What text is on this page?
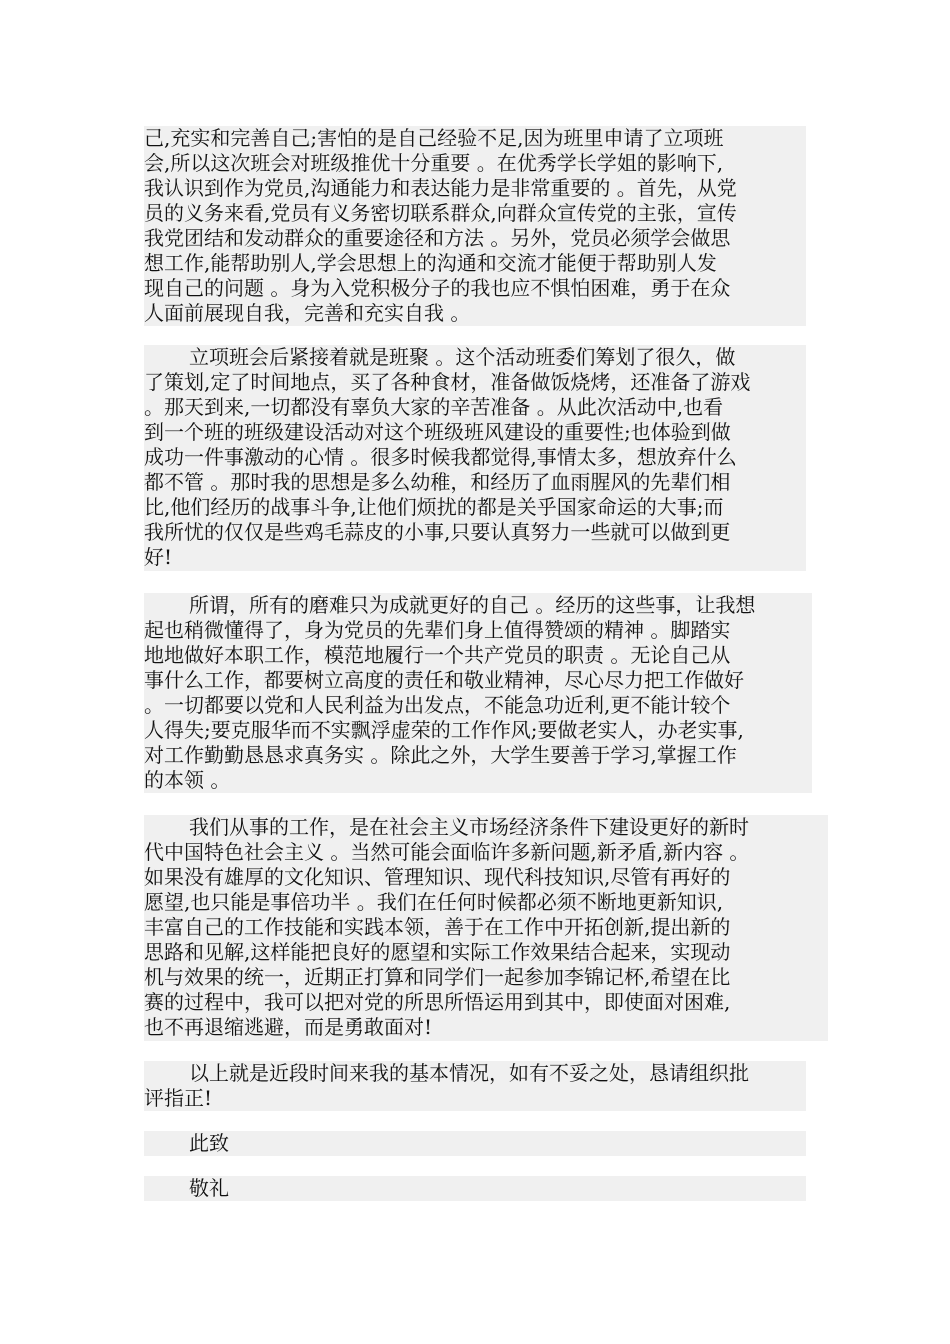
己,充实和完善自己;害怕的是自己经验不足,因为班里申请了立项班
会,所以这次班会对班级推优十分重要 。在优秀学长学姐的影响下,
我认识到作为党员,沟通能力和表达能力是非常重要的 。首先，从党
员的义务来看,党员有义务密切联系群众,向群众宣传党的主张，宣传
我党团结和发动群众的重要途径和方法 。另外，党员必须学会做思
想工作,能帮助别人,学会思想上的沟通和交流才能便于帮助别人发
现自己的问题 。身为入党积极分子的我也应不惧怕困难，勇于在众
人面前展现自我，完善和充实自我 。
立项班会后紧接着就是班聚 。这个活动班委们筹划了很久，做
了策划,定了时间地点，买了各种食材，准备做饭烧烤，还准备了游戏
。那天到来,一切都没有辜负大家的辛苦准备 。从此次活动中,也看
到一个班的班级建设活动对这个班级班风建设的重要性;也体验到做
成功一件事激动的心情 。很多时候我都觉得,事情太多，想放弃什么
都不管 。那时我的思想是多么幼稚，和经历了血雨腥风的先辈们相
比,他们经历的战事斗争,让他们烦扰的都是关乎国家命运的大事;而
我所忧的仅仅是些鸡毛蒜皮的小事,只要认真努力一些就可以做到更
好!
所谓，所有的磨难只为成就更好的自己 。经历的这些事，让我想
起也稍微懂得了，身为党员的先辈们身上值得赞颂的精神 。脚踏实
地地做好本职工作，模范地履行一个共产党员的职责 。无论自己从
事什么工作，都要树立高度的责任和敬业精神，尽心尽力把工作做好
。一切都要以党和人民利益为出发点，不能急功近利,更不能计较个
人得失;要克服华而不实飘浮虚荣的工作作风;要做老实人，办老实事,
对工作勤勤恳恳求真务实 。除此之外，大学生要善于学习,掌握工作
的本领 。
我们从事的工作，是在社会主义市场经济条件下建设更好的新时
代中国特色社会主义 。当然可能会面临许多新问题,新矛盾,新内容 。
如果没有雄厚的文化知识、管理知识、现代科技知识,尽管有再好的
愿望,也只能是事倍功半 。我们在任何时候都必须不断地更新知识,
丰富自己的工作技能和实践本领，善于在工作中开拓创新,提出新的
思路和见解,这样能把良好的愿望和实际工作效果结合起来，实现动
机与效果的统一，近期正打算和同学们一起参加李锦记杯,希望在比
赛的过程中，我可以把对党的所思所悟运用到其中，即使面对困难,
也不再退缩逃避，而是勇敢面对!
以上就是近段时间来我的基本情况，如有不妥之处，恳请组织批
评指正!
此致
敬礼
